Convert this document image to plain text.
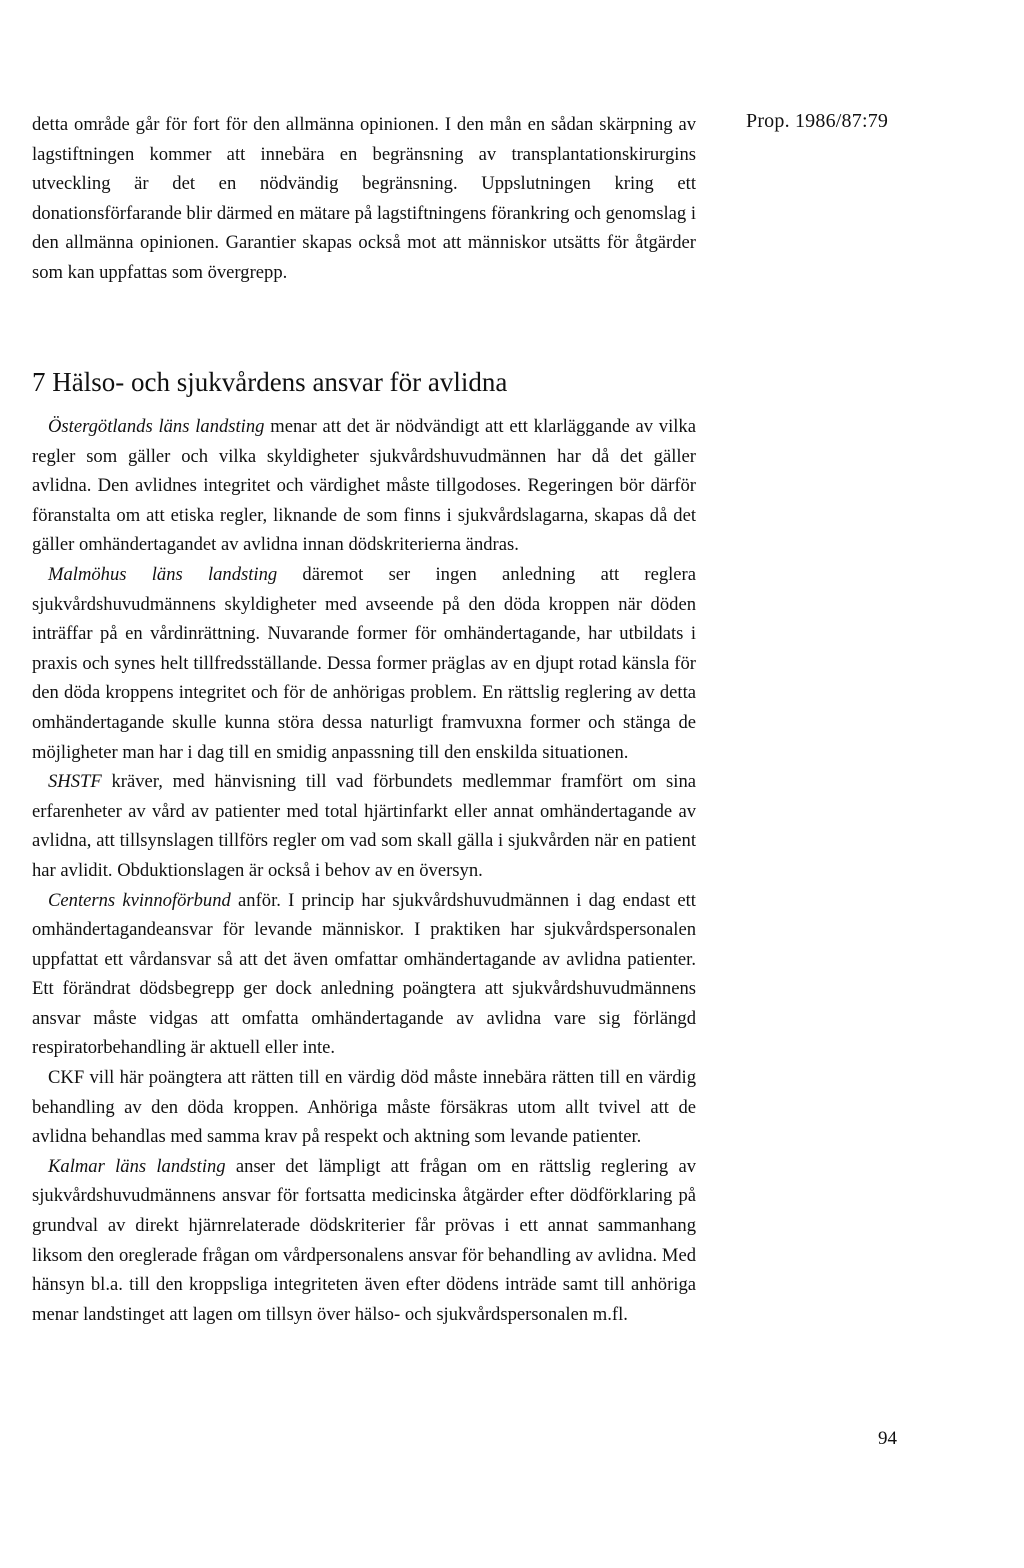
Prop. 1986/87:79

detta område går för fort för den allmänna opinionen. I den mån en sådan skärpning av lagstiftningen kommer att innebära en begränsning av transplantationskirurgins utveckling är det en nödvändig begränsning. Uppslutningen kring ett donationsförfarande blir därmed en mätare på lagstiftningens förankring och genomslag i den allmänna opinionen. Garantier skapas också mot att människor utsätts för åtgärder som kan uppfattas som övergrepp.

7 Hälso- och sjukvårdens ansvar för avlidna

Östergötlands läns landsting menar att det är nödvändigt att ett klarläggande av vilka regler som gäller och vilka skyldigheter sjukvårdshuvudmännen har då det gäller avlidna. Den avlidnes integritet och värdighet måste tillgodoses. Regeringen bör därför föranstalta om att etiska regler, liknande de som finns i sjukvårdslagarna, skapas då det gäller omhändertagandet av avlidna innan dödskriterierna ändras.

Malmöhus läns landsting däremot ser ingen anledning att reglera sjukvårdshuvudmännens skyldigheter med avseende på den döda kroppen när döden inträffar på en vårdinrättning. Nuvarande former för omhändertagande, har utbildats i praxis och synes helt tillfredsställande. Dessa former präglas av en djupt rotad känsla för den döda kroppens integritet och för de anhörigas problem. En rättslig reglering av detta omhändertagande skulle kunna störa dessa naturligt framvuxna former och stänga de möjligheter man har i dag till en smidig anpassning till den enskilda situationen.

SHSTF kräver, med hänvisning till vad förbundets medlemmar framfört om sina erfarenheter av vård av patienter med total hjärtinfarkt eller annat omhändertagande av avlidna, att tillsynslagen tillförs regler om vad som skall gälla i sjukvården när en patient har avlidit. Obduktionslagen är också i behov av en översyn.

Centerns kvinnoförbund anför. I princip har sjukvårdshuvudmännen i dag endast ett omhändertagandeansvar för levande människor. I praktiken har sjukvårdspersonalen uppfattat ett vårdansvar så att det även omfattar omhändertagande av avlidna patienter. Ett förändrat dödsbegrepp ger dock anledning poängtera att sjukvårdshuvudmännens ansvar måste vidgas att omfatta omhändertagande av avlidna vare sig förlängd respiratorbehandling är aktuell eller inte.

CKF vill här poängtera att rätten till en värdig död måste innebära rätten till en värdig behandling av den döda kroppen. Anhöriga måste försäkras utom allt tvivel att de avlidna behandlas med samma krav på respekt och aktning som levande patienter.

Kalmar läns landsting anser det lämpligt att frågan om en rättslig reglering av sjukvårdshuvudmännens ansvar för fortsatta medicinska åtgärder efter dödförklaring på grundval av direkt hjärnrelaterade dödskriterier får prövas i ett annat sammanhang liksom den oreglerade frågan om vårdpersonalens ansvar för behandling av avlidna. Med hänsyn bl.a. till den kroppsliga integriteten även efter dödens inträde samt till anhöriga menar landstinget att lagen om tillsyn över hälso- och sjukvårdspersonalen m.fl.

94
